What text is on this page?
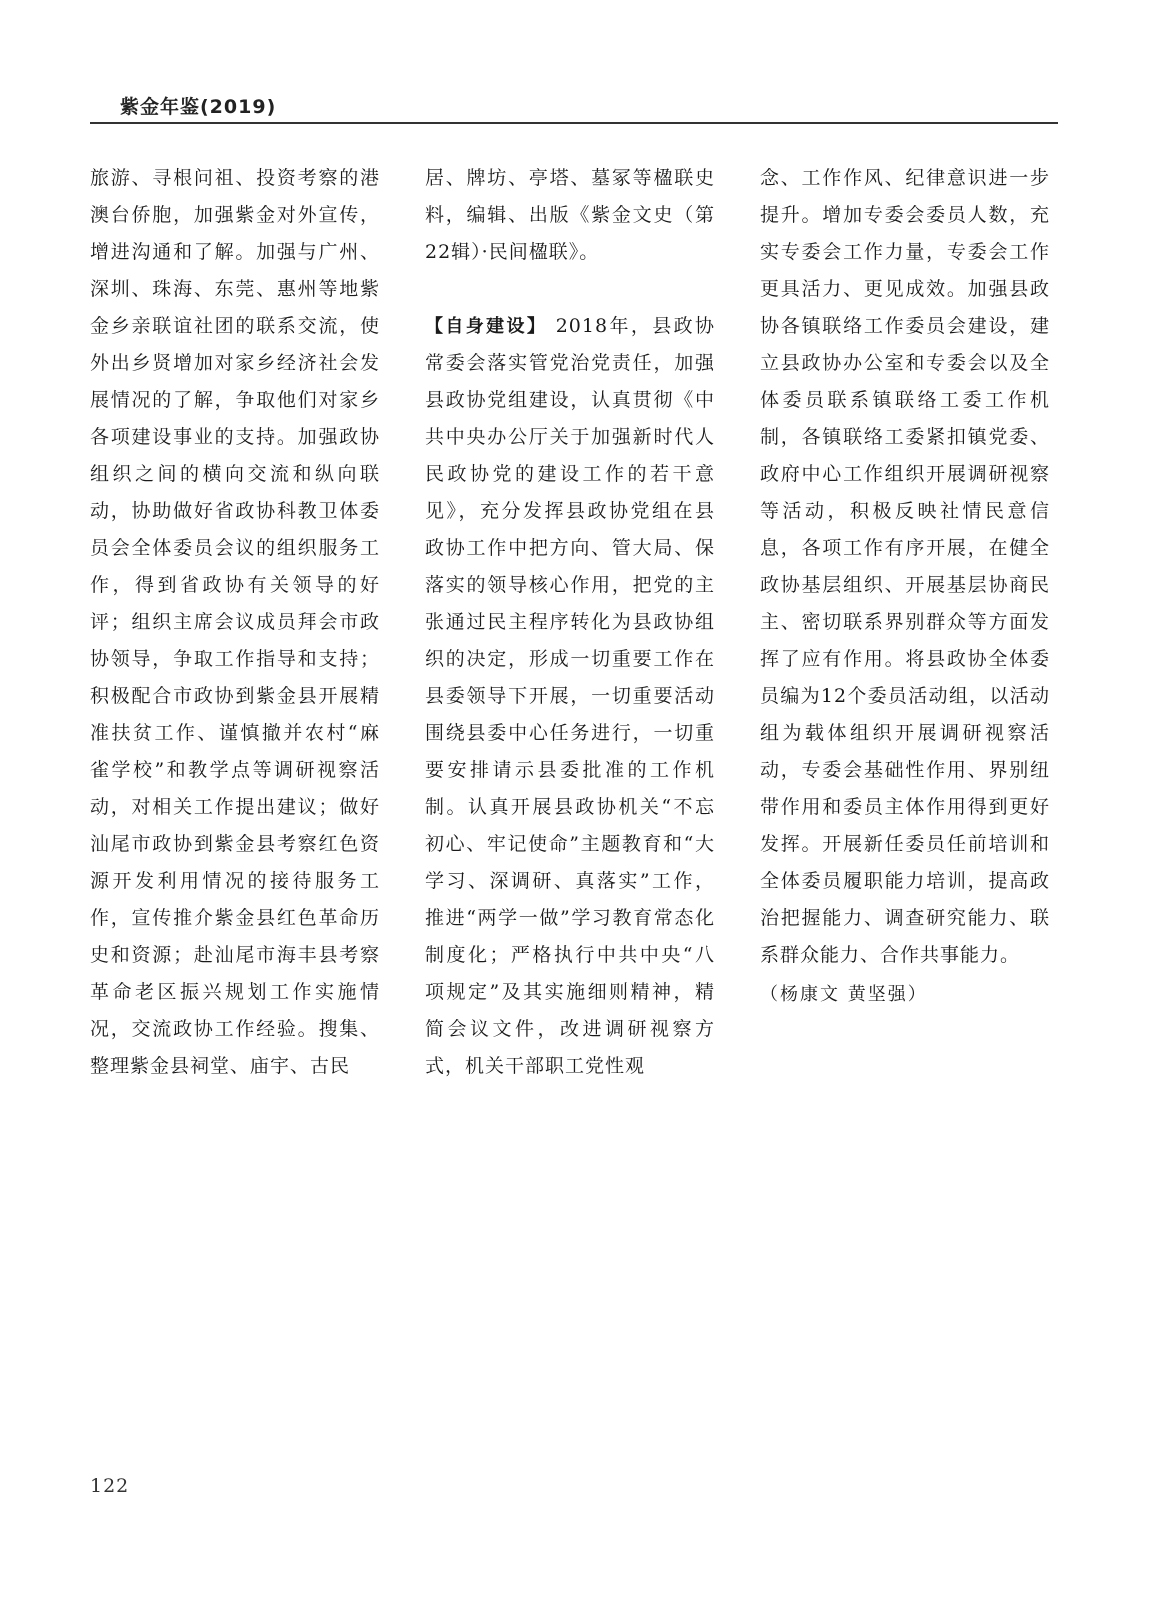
紫金年鉴(2019)
旅游、寻根问祖、投资考察的港澳台侨胞，加强紫金对外宣传，增进沟通和了解。加强与广州、深圳、珠海、东莞、惠州等地紫金乡亲联谊社团的联系交流，使外出乡贤增加对家乡经济社会发展情况的了解，争取他们对家乡各项建设事业的支持。加强政协组织之间的横向交流和纵向联动，协助做好省政协科教卫体委员会全体委员会议的组织服务工作，得到省政协有关领导的好评；组织主席会议成员拜会市政协领导，争取工作指导和支持；积极配合市政协到紫金县开展精准扶贫工作、谨慎撤并农村“麻雀学校”和教学点等调研视察活动，对相关工作提出建议；做好汕尾市政协到紫金县考察红色资源开发利用情况的接待服务工作，宣传推介紫金县红色革命历史和资源；赴汕尾市海丰县考察革命老区振兴规划工作实施情况，交流政协工作经验。搜集、整理紫金县祠堂、庙宇、古民
居、牌坊、亭塔、墓冢等楹联史料，编辑、出版《紫金文史（第22辑）·民间楹联》。
【自身建设】 2018年，县政协常委会落实管党治党责任，加强县政协党组建设，认真贯彻《中共中央办公厅关于加强新时代人民政协党的建设工作的若干意见》，充分发挥县政协党组在县政协工作中把方向、管大局、保落实的领导核心作用，把党的主张通过民主程序转化为县政协组织的决定，形成一切重要工作在县委领导下开展，一切重要活动围绕县委中心任务进行，一切重要安排请示县委批准的工作机制。认真开展县政协机关“不忘初心、牢记使命”主题教育和“大学习、深调研、真落实”工作，推进“两学一做”学习教育常态化制度化；严格执行中共中央“八项规定”及其实施细则精神，精简会议文件，改进调研视察方式，机关干部职工党性观
念、工作作风、纪律意识进一步提升。增加专委会委员人数，充实专委会工作力量，专委会工作更具活力、更见成效。加强县政协各镇联络工作委员会建设，建立县政协办公室和专委会以及全体委员联系镇联络工委工作机制，各镇联络工委紧扣镇党委、政府中心工作组织开展调研视察等活动，积极反映社情民意信息，各项工作有序开展，在健全政协基层组织、开展基层协商民主、密切联系界别群众等方面发挥了应有作用。将县政协全体委员编为12个委员活动组，以活动组为载体组织开展调研视察活动，专委会基础性作用、界别纽带作用和委员主体作用得到更好发挥。开展新任委员任前培训和全体委员履职能力培训，提高政治把握能力、调查研究能力、联系群众能力、合作共事能力。
（杨康文 黄坚强）
122
